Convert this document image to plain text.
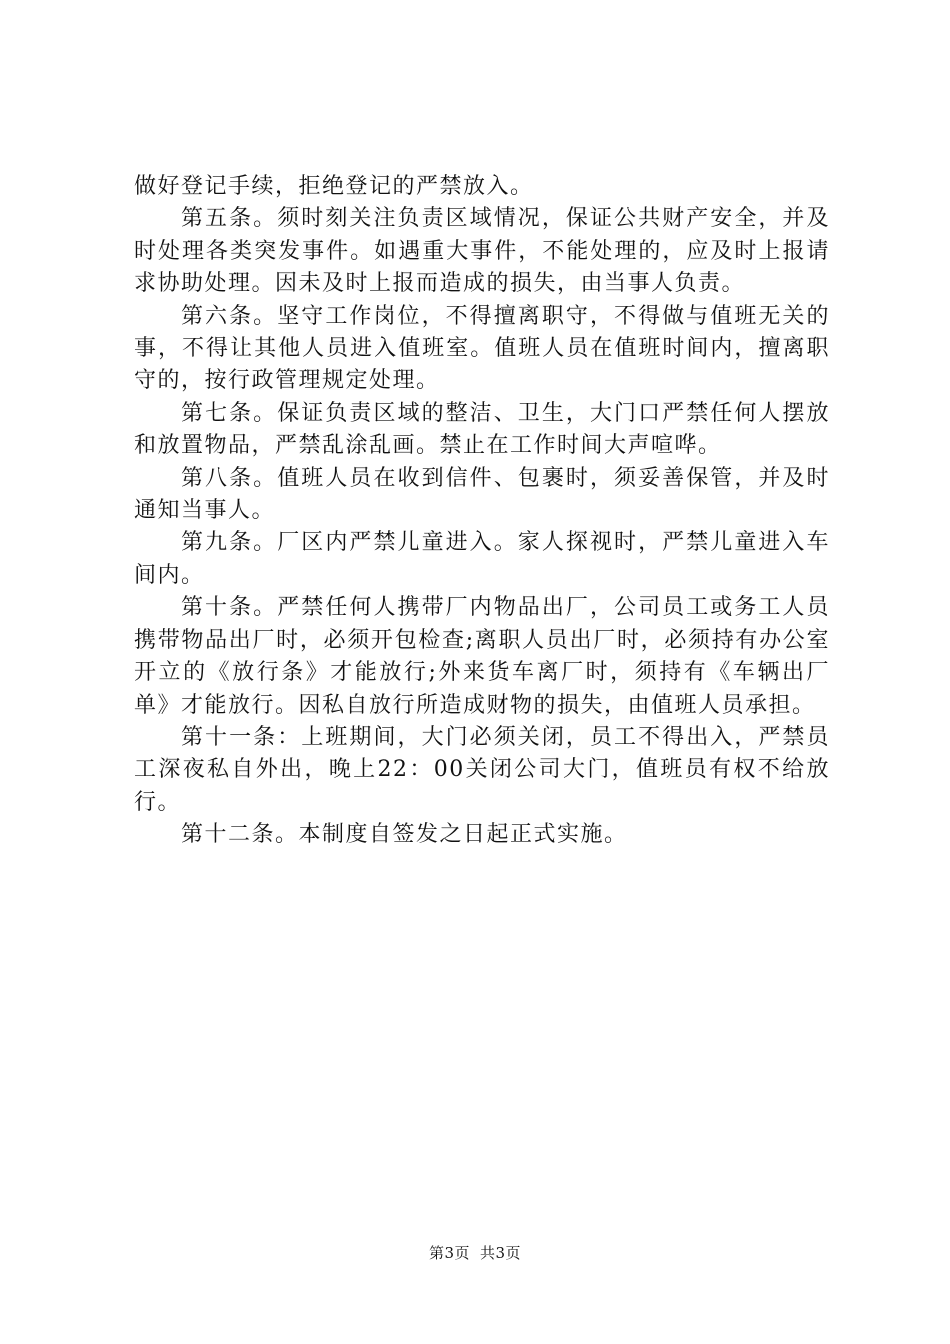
做好登记手续，拒绝登记的严禁放入。

第五条。须时刻关注负责区域情况，保证公共财产安全，并及时处理各类突发事件。如遇重大事件，不能处理的，应及时上报请求协助处理。因未及时上报而造成的损失，由当事人负责。

第六条。坚守工作岗位，不得擅离职守，不得做与值班无关的事，不得让其他人员进入值班室。值班人员在值班时间内，擅离职守的，按行政管理规定处理。

第七条。保证负责区域的整洁、卫生，大门口严禁任何人摆放和放置物品，严禁乱涂乱画。禁止在工作时间大声喧哗。

第八条。值班人员在收到信件、包裹时，须妥善保管，并及时通知当事人。

第九条。厂区内严禁儿童进入。家人探视时，严禁儿童进入车间内。

第十条。严禁任何人携带厂内物品出厂，公司员工或务工人员携带物品出厂时，必须开包检查;离职人员出厂时，必须持有办公室开立的《放行条》才能放行;外来货车离厂时，须持有《车辆出厂单》才能放行。因私自放行所造成财物的损失，由值班人员承担。

第十一条：上班期间，大门必须关闭，员工不得出入，严禁员工深夜私自外出，晚上22：00关闭公司大门，值班员有权不给放行。

第十二条。本制度自签发之日起正式实施。

第3页 共3页
